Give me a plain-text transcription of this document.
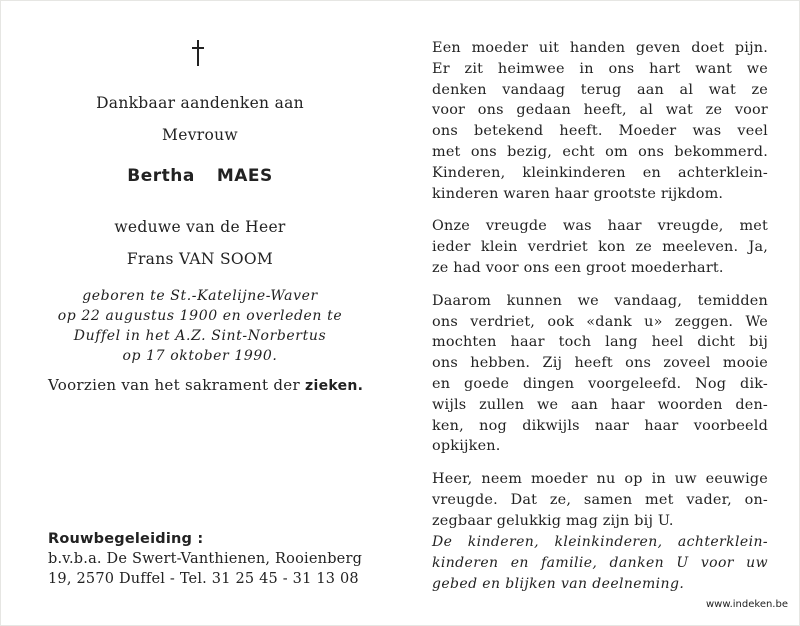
Dankbaar aandenken aan
Mevrouw
Bertha MAES
weduwe van de Heer
Frans VAN SOOM
geboren te St.-Katelijne-Waver
op 22 augustus 1900 en overleden te
Duffel in het A.Z. Sint-Norbertus
op 17 oktober 1990.
Voorzien van het sakrament der zieken.
Rouwbegeleiding :
b.v.b.a. De Swert-Vanthienen, Rooienberg
19, 2570 Duffel - Tel. 31 25 45 - 31 13 08

Een moeder uit handen geven doet pijn.
Er zit heimwee in ons hart want we
denken vandaag terug aan al wat ze
voor ons gedaan heeft, al wat ze voor
ons betekend heeft. Moeder was veel
met ons bezig, echt om ons bekommerd.
Kinderen, kleinkinderen en achterklein-
kinderen waren haar grootste rijkdom.

Onze vreugde was haar vreugde, met
ieder klein verdriet kon ze meeleven. Ja,
ze had voor ons een groot moederhart.

Daarom kunnen we vandaag, temidden
ons verdriet, ook «dank u» zeggen. We
mochten haar toch lang heel dicht bij
ons hebben. Zij heeft ons zoveel mooie
en goede dingen voorgeleefd. Nog dik-
wijls zullen we aan haar woorden den-
ken, nog dikwijls naar haar voorbeeld
opkijken.

Heer, neem moeder nu op in uw eeuwige
vreugde. Dat ze, samen met vader, on-
zegbaar gelukkig mag zijn bij U.

De kinderen, kleinkinderen, achterklein-
kinderen en familie, danken U voor uw
gebed en blijken van deelneming.
www.indeken.be
